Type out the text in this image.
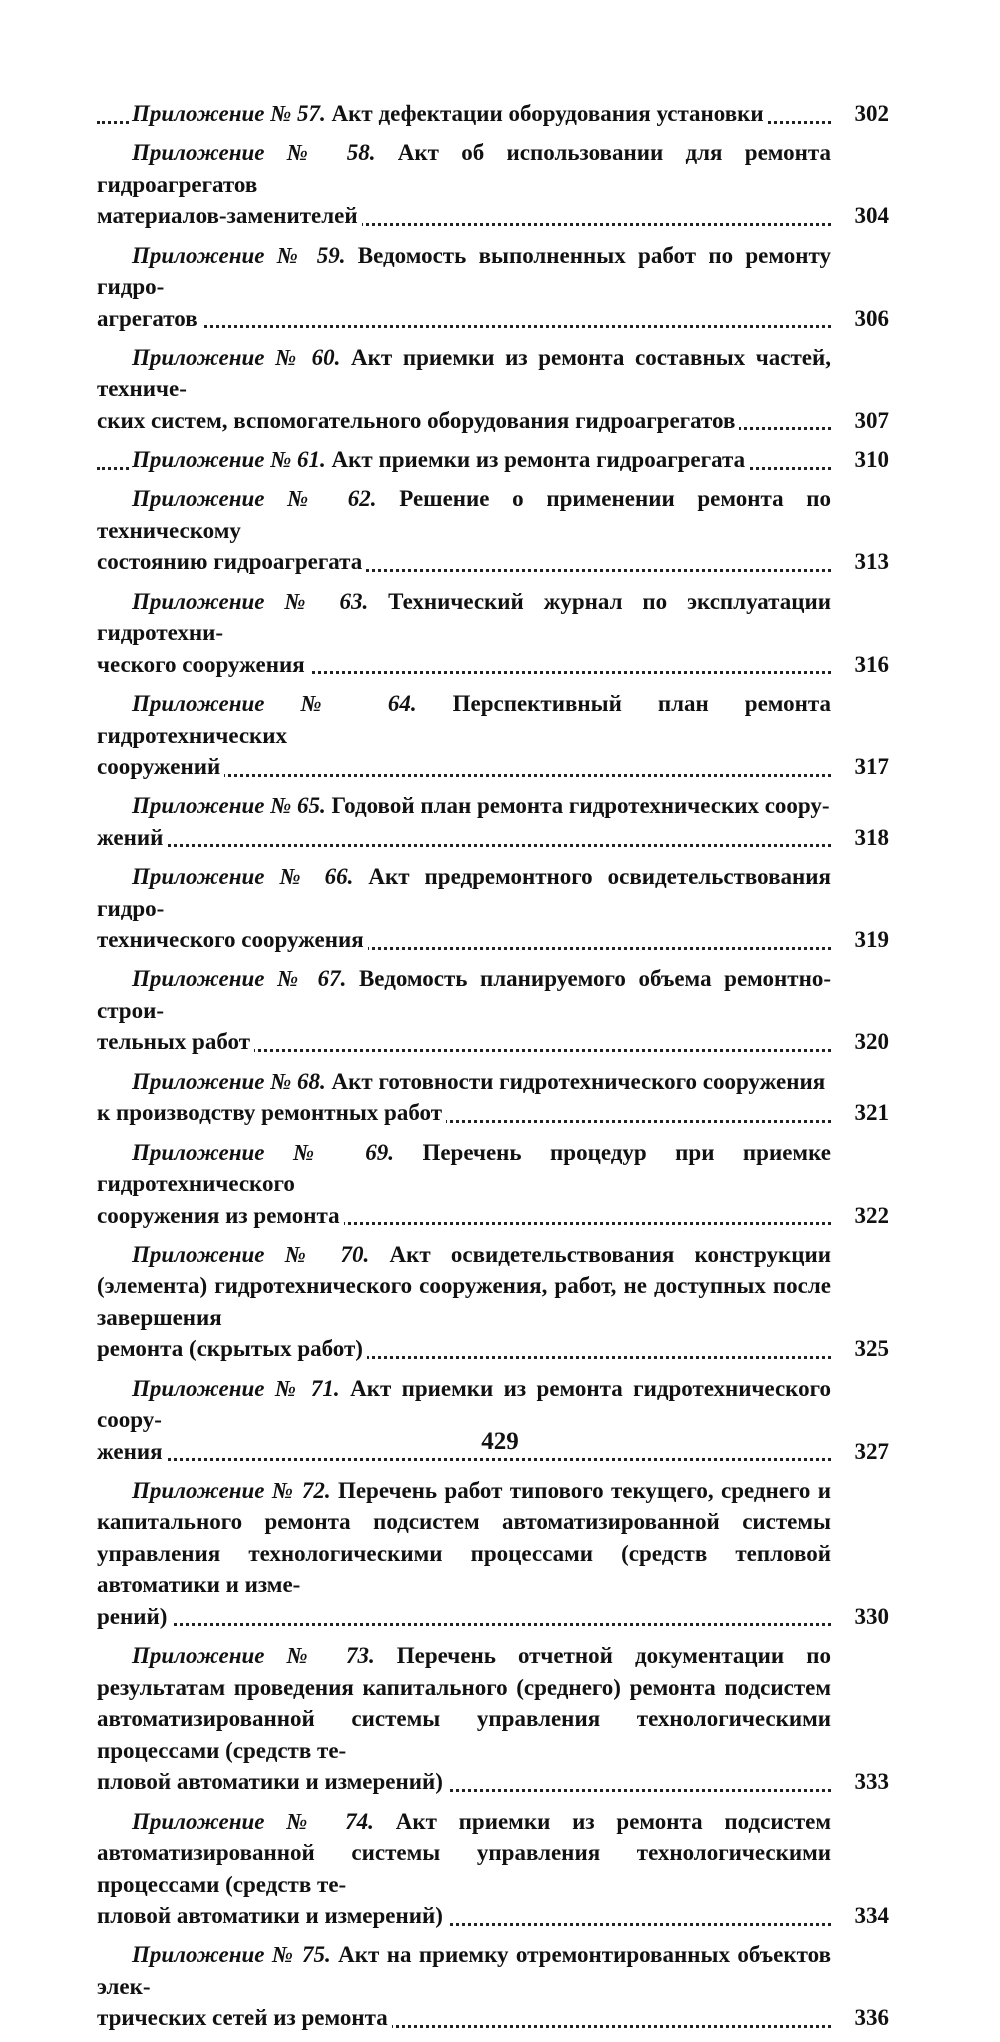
Приложение № 57. Акт дефектации оборудования установки	302
Приложение № 58. Акт об использовании для ремонта гидроагрегатов
материалов-заменителей	304
Приложение № 59. Ведомость выполненных работ по ремонту гидро-
агрегатов	306
Приложение № 60. Акт приемки из ремонта составных частей, техниче-
ских систем, вспомогательного оборудования гидроагрегатов	307
Приложение № 61. Акт приемки из ремонта гидроагрегата	310
Приложение № 62. Решение о применении ремонта по техническому
состоянию гидроагрегата	313
Приложение № 63. Технический журнал по эксплуатации гидротехни-
ческого сооружения	316
Приложение № 64. Перспективный план ремонта гидротехнических
сооружений	317
Приложение № 65. Годовой план ремонта гидротехнических соору-
жений	318
Приложение № 66. Акт предремонтного освидетельствования гидро-
технического сооружения	319
Приложение № 67. Ведомость планируемого объема ремонтно-строи-
тельных работ	320
Приложение № 68. Акт готовности гидротехнического сооружения
к производству ремонтных работ	321
Приложение № 69. Перечень процедур при приемке гидротехнического
сооружения из ремонта	322
Приложение № 70. Акт освидетельствования конструкции (элемента) гидротехнического сооружения, работ, не доступных после завершения
ремонта (скрытых работ)	325
Приложение № 71. Акт приемки из ремонта гидротехнического соору-
жения	327
Приложение № 72. Перечень работ типового текущего, среднего и капитального ремонта подсистем автоматизированной системы управления технологическими процессами (средств тепловой автоматики и изме-
рений)	330
Приложение № 73. Перечень отчетной документации по результатам проведения капитального (среднего) ремонта подсистем автоматизированной системы управления технологическими процессами (средств те-
пловой автоматики и измерений)	333
Приложение № 74. Акт приемки из ремонта подсистем автоматизированной системы управления технологическими процессами (средств те-
пловой автоматики и измерений)	334
Приложение № 75. Акт на приемку отремонтированных объектов элек-
трических сетей из ремонта	336
429
